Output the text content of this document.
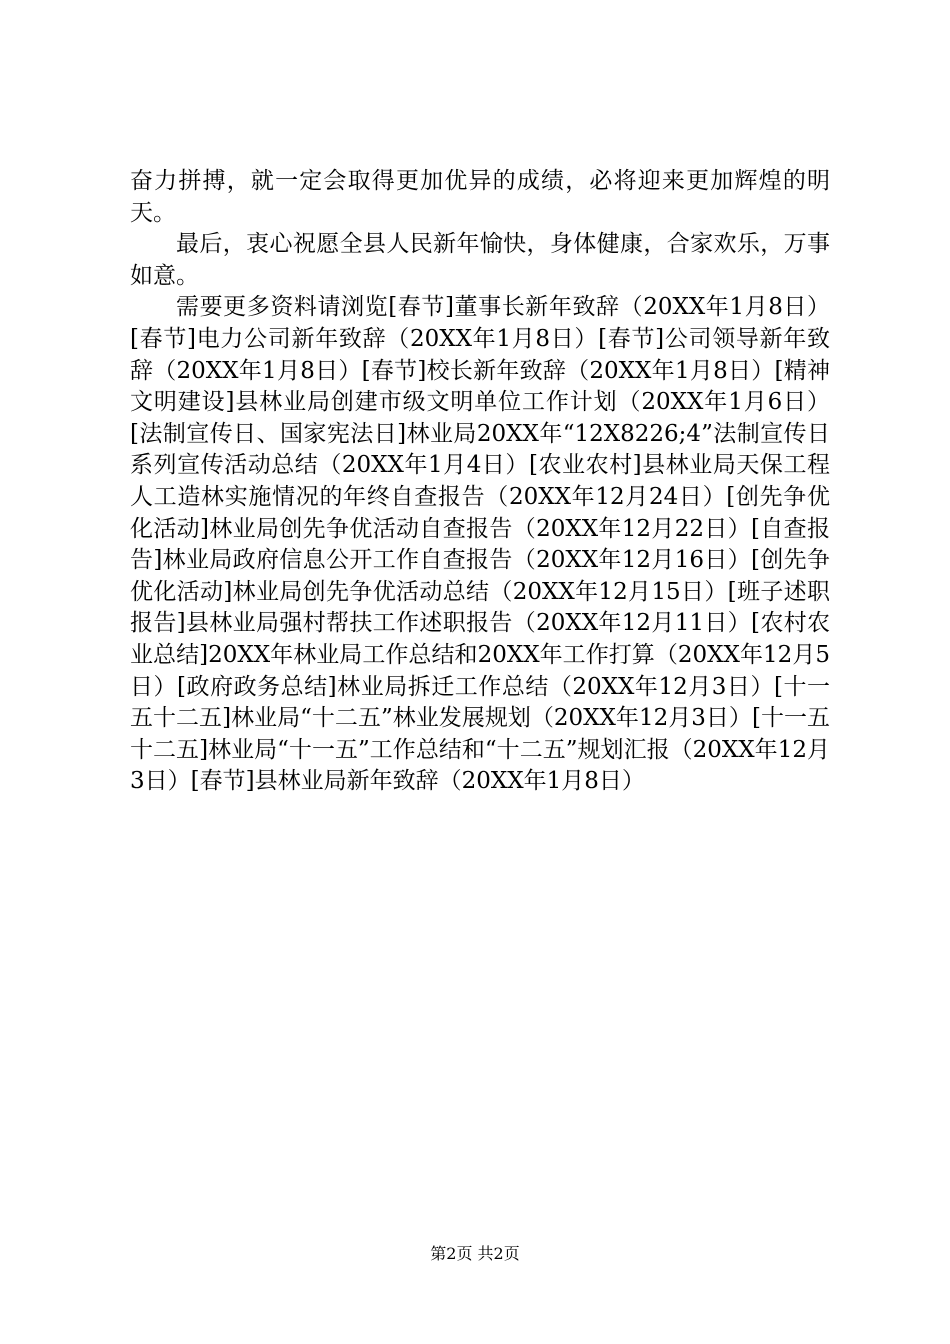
奋力拼搏，就一定会取得更加优异的成绩，必将迎来更加辉煌的明天。

最后，衷心祝愿全县人民新年愉快，身体健康，合家欢乐，万事如意。

需要更多资料请浏览[春节]董事长新年致辞（20XX年1月8日）[春节]电力公司新年致辞（20XX年1月8日）[春节]公司领导新年致辞（20XX年1月8日）[春节]校长新年致辞（20XX年1月8日）[精神文明建设]县林业局创建市级文明单位工作计划（20XX年1月6日）[法制宣传日、国家宪法日]林业局20XX年“12X8226;4”法制宣传日系列宣传活动总结（20XX年1月4日）[农业农村]县林业局天保工程人工造林实施情况的年终自查报告（20XX年12月24日）[创先争优化活动]林业局创先争优活动自查报告（20XX年12月22日）[自查报告]林业局政府信息公开工作自查报告（20XX年12月16日）[创先争优化活动]林业局创先争优活动总结（20XX年12月15日）[班子述职报告]县林业局强村帮扶工作述职报告（20XX年12月11日）[农村农业总结]20XX年林业局工作总结和20XX年工作打算（20XX年12月5日）[政府政务总结]林业局拆迁工作总结（20XX年12月3日）[十一五十二五]林业局“十二五”林业发展规划（20XX年12月3日）[十一五十二五]林业局“十一五”工作总结和“十二五”规划汇报（20XX年12月3日）[春节]县林业局新年致辞（20XX年1月8日）

第2页 共2页
